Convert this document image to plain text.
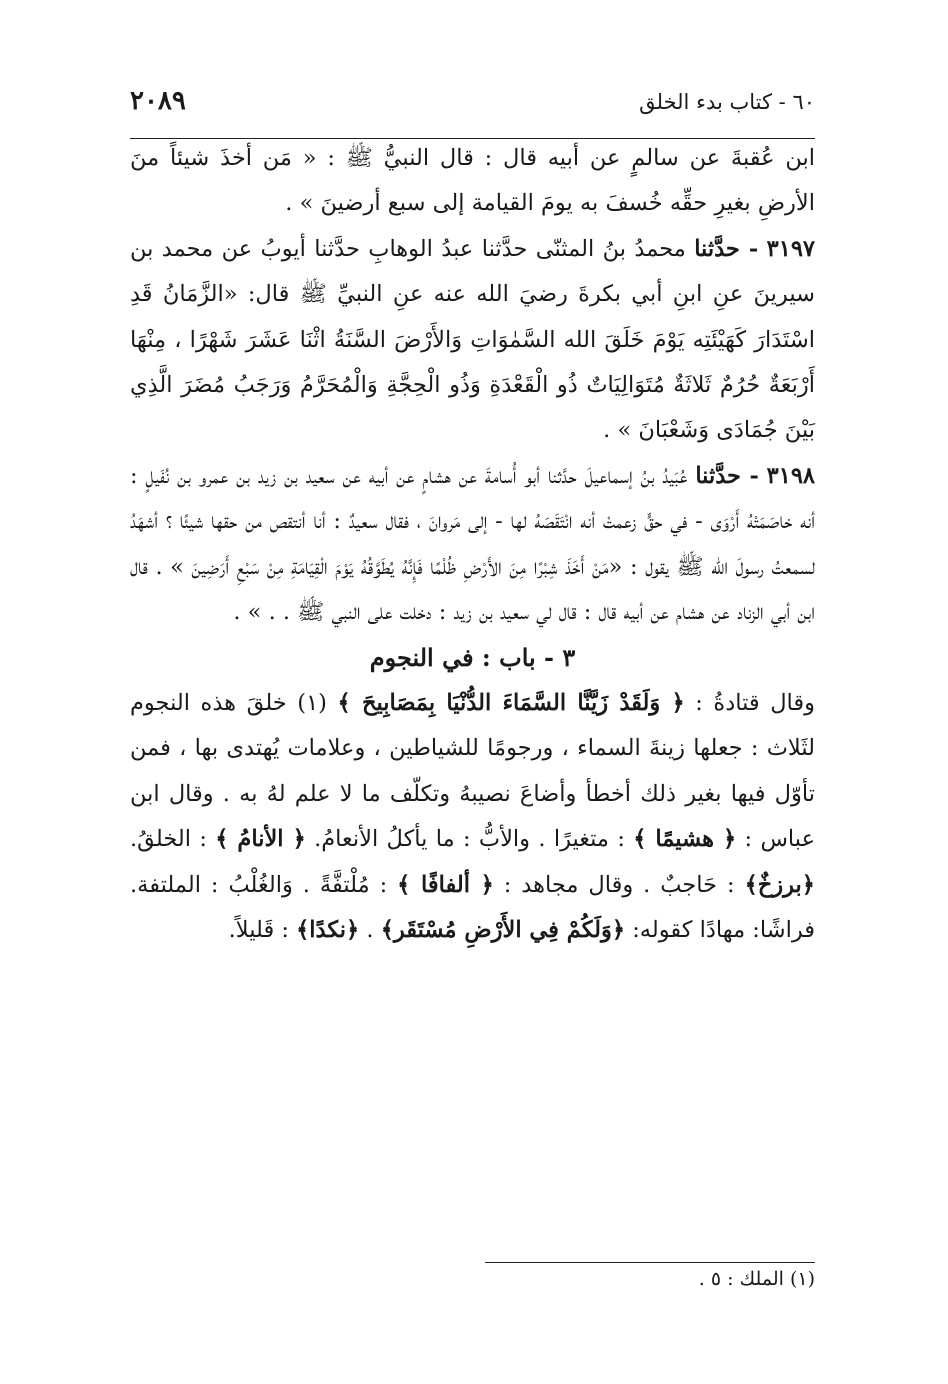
٢٠٨٩	٦٠ - كتاب بدء الخلق

ابن عُقبةَ عن سالمٍ عن أبيه قال : قال النبيُّ ﷺ : « مَن أخذَ شيئاً منَ الأرضِ بغيرِ حقِّه خُسفَ به يومَ القيامة إلى سبع أرضينَ » .

٣١٩٧ - حدَّثنا محمدُ بنُ المثنّى حدَّثنا عبدُ الوهابِ حدَّثنا أيوبُ عن محمد بن سيرينَ عنِ ابنِ أبي بكرةَ رضيَ الله عنه عنِ النبيِّ ﷺ قال: «الزَّمَانُ قَدِ اسْتَدَارَ كَهَيْئَتِه يَوْمَ خَلَقَ الله السَّمٰوَاتِ وَالأَرْضَ السَّنَةُ اثْنَا عَشَرَ شَهْرًا ، مِنْهَا أَرْبَعَةٌ حُرُمٌ ثَلاثَةٌ مُتَوَالِيَاتٌ ذُو الْقَعْدَةِ وَذُو الْحِجَّةِ وَالْمُحَرَّمُ وَرَجَبُ مُضَرَ الَّذِي بَيْنَ جُمَادَى وَشَعْبَانَ » .

٣١٩٨ - حدَّثنا عُبَيدُ بنُ إسماعيلَ حدَّثنا أبو أُسامةَ عن هشامٍ عن أبيه عن سعيد بن زيد بن عمرو بن نُفَيلٍ : أنه خاصَمَتْهُ أَرْوَى - في حقٍّ زعمتْ أنه انْتَقَصَهُ لها - إلى مَروانَ ، فقال سعيدٌ : أنا أنتقص من حقها شيئًا ؟ أشهَدُ لسمعتُ رسولَ الله ﷺ يقول : «مَنْ أَخَذَ شِبْرًا مِنَ الأَرْضِ ظُلْمًا فَإِنَّهُ يُطَوَّقُهُ يَوْمَ الْقِيَامَةِ مِنْ سَبْعِ أَرَضِينَ » . قال ابن أبي الزناد عن هشام عن أبيه قال : قال لي سعيد بن زيد : دخلت على النبي ﷺ . . » .

٣ - باب : في النجوم

وقال قتادةُ : ﴿ وَلَقَدْ زَيَّنَّا السَّمَاءَ الدُّنْيَا بِمَصَابِيحَ ﴾ (١) خلقَ هذه النجوم لثَلاث : جعلها زينةَ السماء ، ورجومًا للشياطين ، وعلامات يُهتدى بها ، فمن تأوّل فيها بغير ذلك أخطأ وأضاعَ نصيبهُ وتكلّف ما لا علم لهُ به . وقال ابن عباس : ﴿ هشيمًا ﴾ : متغيرًا . والأبُّ : ما يأكلُ الأنعامُ. ﴿ الأنامُ ﴾ : الخلقُ. ﴿برزخٌ﴾ : حَاجبٌ . وقال مجاهد : ﴿ ألفافًا ﴾ : مُلْتفَّةً . وَالغُلْبُ : الملتفة. فراشًا: مهادًا كقوله: ﴿وَلَكُمْ فِي الأَرْضِ مُسْتَقَر﴾ . ﴿نكدًا﴾ : قَليلاً.

(١) الملك : ٥ .
